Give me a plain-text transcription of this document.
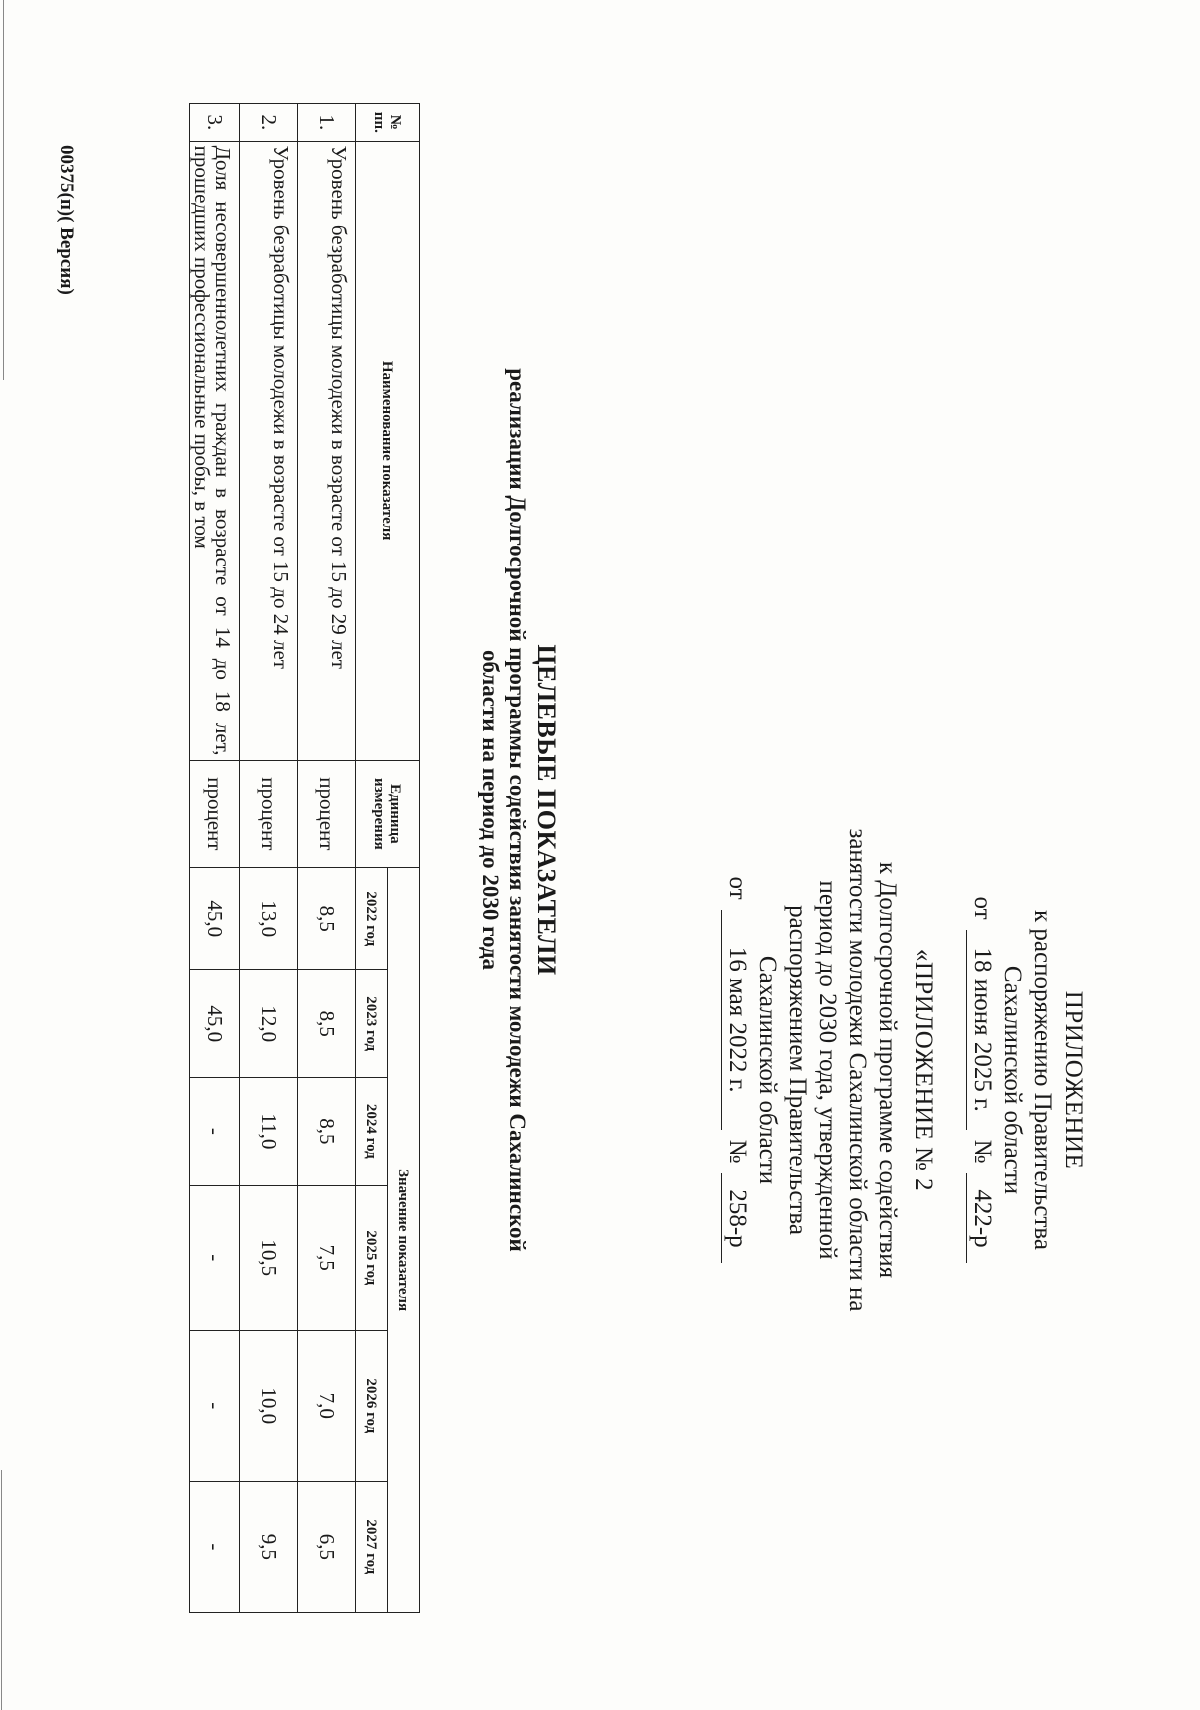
ПРИЛОЖЕНИЕ
к распоряжению Правительства
Сахалинской области
от
18 июня 2025 г.
№
422-р
«ПРИЛОЖЕНИЕ № 2
к Долгосрочной программе содействия
занятости молодежи Сахалинской области на
период до 2030 года, утвержденной
распоряжением Правительства
Сахалинской области
от
16 мая 2022 г.
№
258-р
ЦЕЛЕВЫЕ ПОКАЗАТЕЛИ
реализации Долгосрочной программы содействия занятости молодежи Сахалинской
области на период до 2030 года
№ пп.	Наименование показателя	Единица измерения	Значение показателя					
			2022 год	2023 год	2024 год	2025 год	2026 год	2027 год
1.	Уровень безработицы молодежи в возрасте от 15 до 29 лет	процент	8,5	8,5	8,5	7,5	7,0	6,5
2.	Уровень безработицы молодежи в возрасте от 15 до 24 лет	процент	13,0	12,0	11,0	10,5	10,0	9,5
3.	Доля несовершеннолетних граждан в возрасте от 14 до 18 лет, прошедших профессиональные пробы, в том	процент	45,0	45,0	-	-	-	-
00375(п)( Версия)
